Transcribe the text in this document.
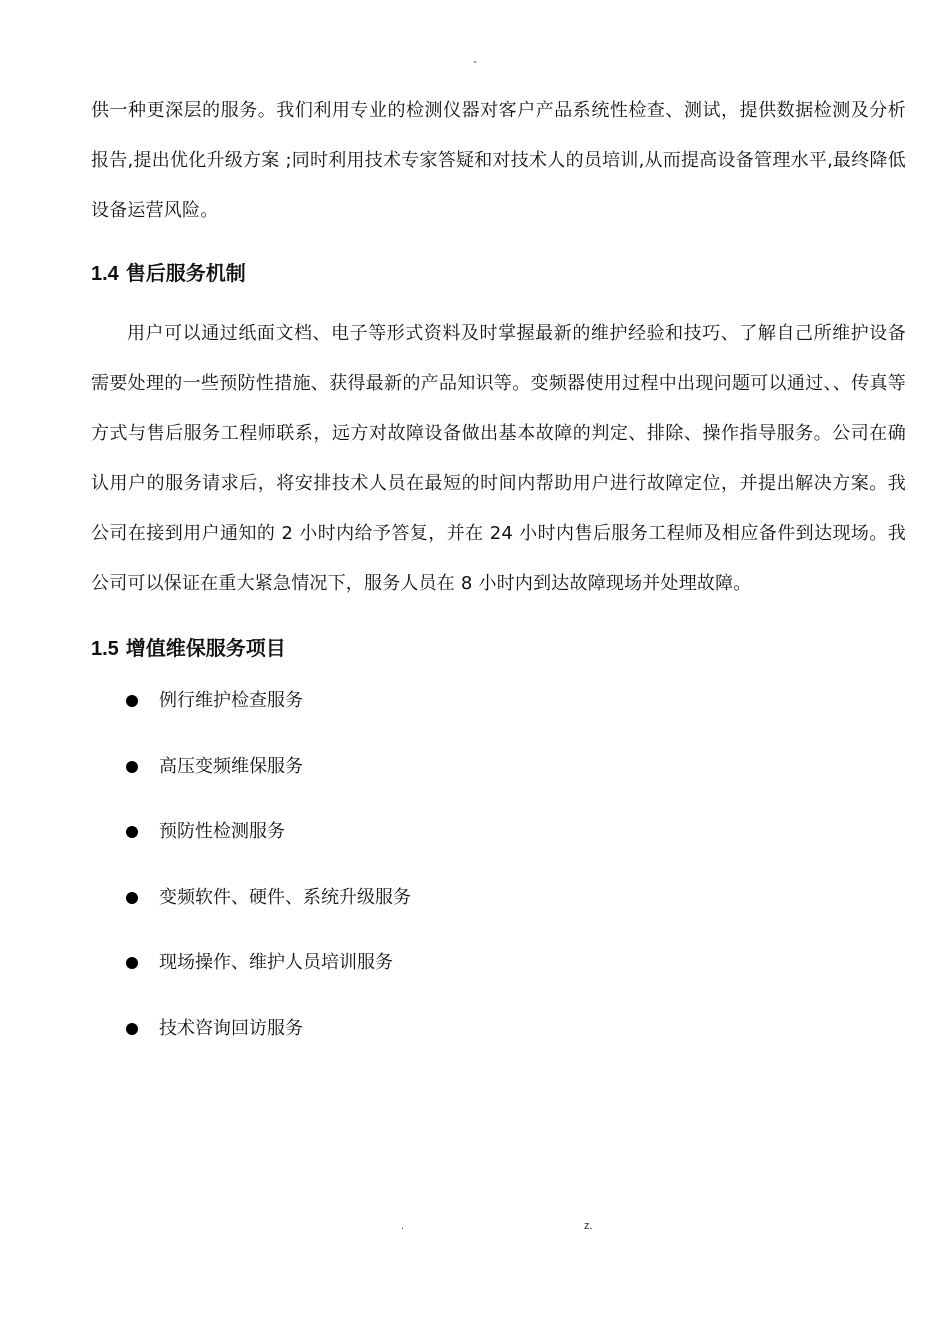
-

供一种更深层的服务。我们利用专业的检测仪器对客户产品系统性检查、测试，提供数据检测及分析报告,提出优化升级方案 ;同时利用技术专家答疑和对技术人的员培训,从而提高设备管理水平,最终降低设备运营风险。

1.4 售后服务机制

用户可以通过纸面文档、电子等形式资料及时掌握最新的维护经验和技巧、了解自己所维护设备需要处理的一些预防性措施、获得最新的产品知识等。变频器使用过程中出现问题可以通过、、传真等方式与售后服务工程师联系，远方对故障设备做出基本故障的判定、排除、操作指导服务。公司在确认用户的服务请求后，将安排技术人员在最短的时间内帮助用户进行故障定位，并提出解决方案。我公司在接到用户通知的 2 小时内给予答复，并在 24 小时内售后服务工程师及相应备件到达现场。我公司可以保证在重大紧急情况下，服务人员在 8 小时内到达故障现场并处理故障。

1.5 增值维保服务项目
例行维护检查服务
高压变频维保服务
预防性检测服务
变频软件、硬件、系统升级服务
现场操作、维护人员培训服务
技术咨询回访服务
.	z.
